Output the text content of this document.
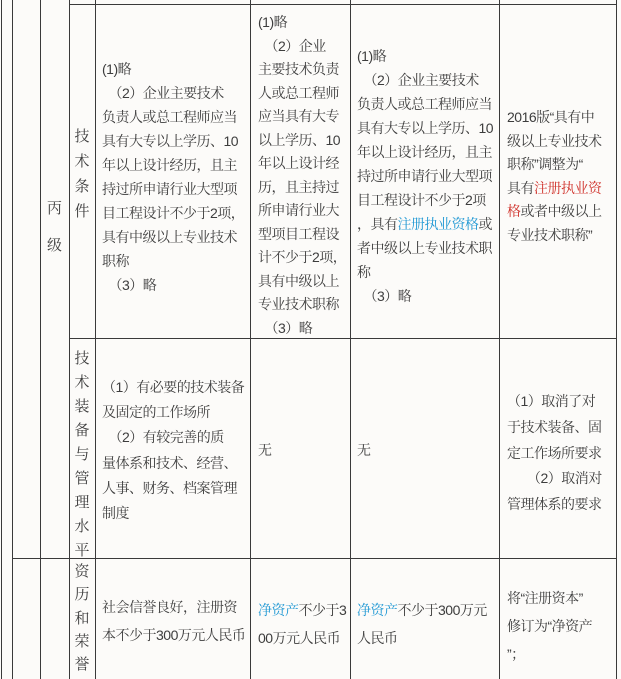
丙
级
技
术
条
件
(1)略
　（2）企业主要技术
负责人或总工程师应当
具有大专以上学历、10
年以上设计经历，且主
持过所申请行业大型项
目工程设计不少于2项，
具有中级以上专业技术
职称
　（3）略
(1)略
　（2）企业
主要技术负责
人或总工程师
应当具有大专
以上学历、10
年以上设计经
历，且主持过
所申请行业大
型项目工程设
计不少于2项，
具有中级以上
专业技术职称
　（3）略
(1)略
　（2）企业主要技术
负责人或总工程师应当
具有大专以上学历、10
年以上设计经历，且主
持过所申请行业大型项
目工程设计不少于2项
，具有注册执业资格或
者中级以上专业技术职
称
　（3）略
2016版“具有中
级以上专业技术
职称”调整为“
具有注册执业资
格或者中级以上
专业技术职称”
技
术
装
备
与
管
理
水
平
（1）有必要的技术装备
及固定的工作场所
　（2）有较完善的质
量体系和技术、经营、
人事、财务、档案管理
制度
无	无
（1）取消了对
于技术装备、固
定工作场所要求
　　（2）取消对
管理体系的要求
资
历
和
荣
誉
社会信誉良好，注册资
本不少于300万元人民币
净资产不少于3
00万元人民币
净资产不少于300万元
人民币
将“注册资本”
修订为“净资产
”；
